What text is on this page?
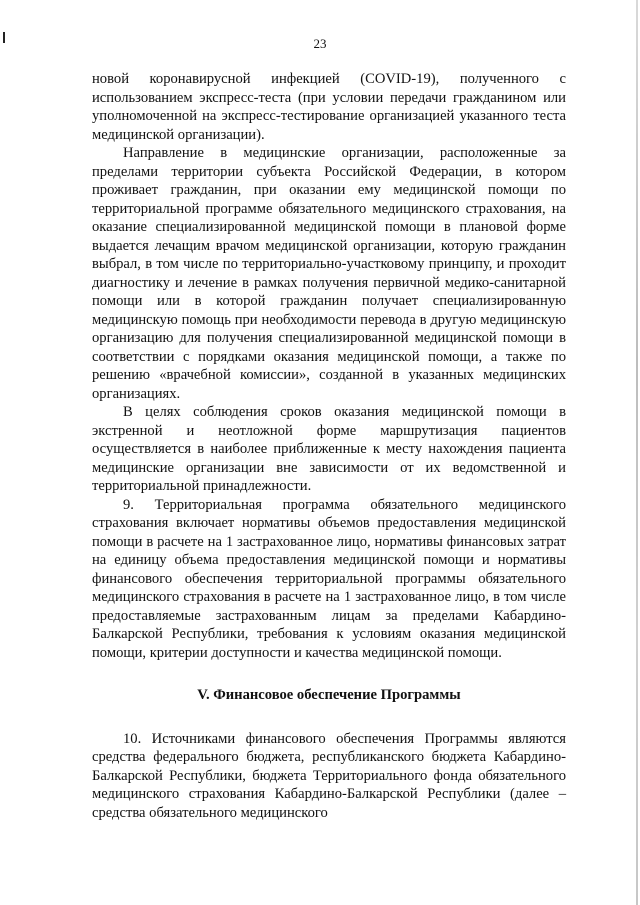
23

новой коронавирусной инфекцией (COVID-19), полученного с использованием экспресс-теста (при условии передачи гражданином или уполномоченной на экспресс-тестирование организацией указанного теста медицинской организации).

Направление в медицинские организации, расположенные за пределами территории субъекта Российской Федерации, в котором проживает гражданин, при оказании ему медицинской помощи по территориальной программе обязательного медицинского страхования, на оказание специализированной медицинской помощи в плановой форме выдается лечащим врачом медицинской организации, которую гражданин выбрал, в том числе по территориально-участковому принципу, и проходит диагностику и лечение в рамках получения первичной медико-санитарной помощи или в которой гражданин получает специализированную медицинскую помощь при необходимости перевода в другую медицинскую организацию для получения специализированной медицинской помощи в соответствии с порядками оказания медицинской помощи, а также по решению «врачебной комиссии», созданной в указанных медицинских организациях.

В целях соблюдения сроков оказания медицинской помощи в экстренной и неотложной форме маршрутизация пациентов осуществляется в наиболее приближенные к месту нахождения пациента медицинские организации вне зависимости от их ведомственной и территориальной принадлежности.

9. Территориальная программа обязательного медицинского страхования включает нормативы объемов предоставления медицинской помощи в расчете на 1 застрахованное лицо, нормативы финансовых затрат на единицу объема предоставления медицинской помощи и нормативы финансового обеспечения территориальной программы обязательного медицинского страхования в расчете на 1 застрахованное лицо, в том числе предоставляемые застрахованным лицам за пределами Кабардино-Балкарской Республики, требования к условиям оказания медицинской помощи, критерии доступности и качества медицинской помощи.

V. Финансовое обеспечение Программы

10. Источниками финансового обеспечения Программы являются средства федерального бюджета, республиканского бюджета Кабардино-Балкарской Республики, бюджета Территориального фонда обязательного медицинского страхования Кабардино-Балкарской Республики (далее – средства обязательного медицинского
